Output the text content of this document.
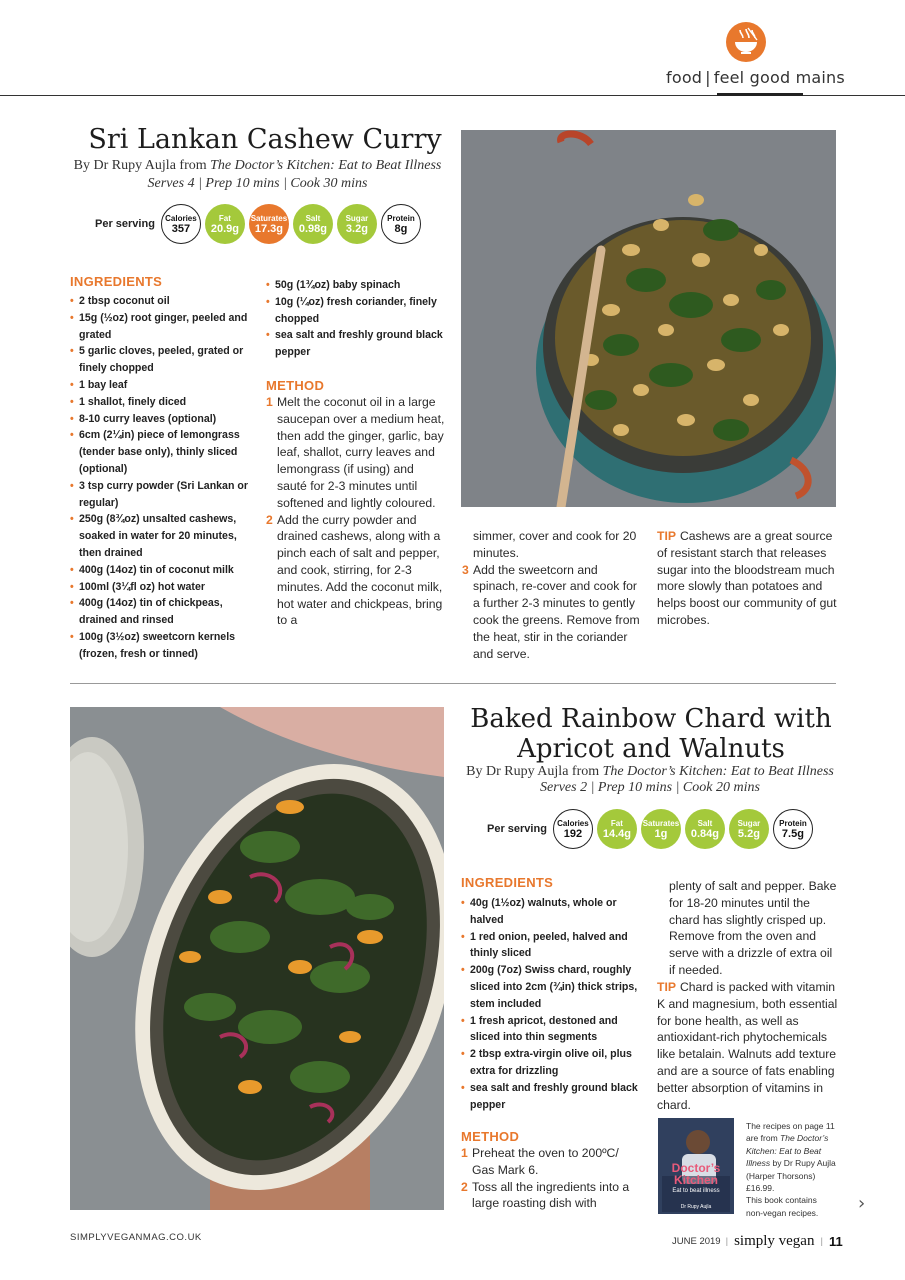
food | feel good mains
Sri Lankan Cashew Curry
By Dr Rupy Aujla from The Doctor’s Kitchen: Eat to Beat Illness
Serves 4 | Prep 10 mins | Cook 30 mins
Per serving Calories
357
Fat
20.9g
Saturates
17.3g
Salt
0.98g
Sugar
3.2g
Protein
8g
INGREDIENTS
• 2 tbsp coconut oil
• 15g (½oz) root ginger, peeled and grated
• 5 garlic cloves, peeled, grated or finely chopped
• 1 bay leaf
• 1 shallot, finely diced
• 8-10 curry leaves (optional)
• 6cm (2¼in) piece of lemongrass (tender base only), thinly sliced (optional)
• 3 tsp curry powder (Sri Lankan or regular)
• 250g (8¾oz) unsalted cashews, soaked in water for 20 minutes, then drained
• 400g (14oz) tin of coconut milk
• 100ml (3¼fl oz) hot water
• 400g (14oz) tin of chickpeas, drained and rinsed
• 100g (3½oz) sweetcorn kernels (frozen, fresh or tinned)
• 50g (1¾oz) baby spinach
• 10g (¼oz) fresh coriander, finely chopped
• sea salt and freshly ground black pepper
METHOD
1 Melt the coconut oil in a large saucepan over a medium heat, then add the ginger, garlic, bay leaf, shallot, curry leaves and lemongrass (if using) and sauté for 2-3 minutes until softened and lightly coloured.
2 Add the curry powder and drained cashews, along with a pinch each of salt and pepper, and cook, stirring, for 2-3 minutes. Add the coconut milk, hot water and chickpeas, bring to a
simmer, cover and cook for 20 minutes.
3 Add the sweetcorn and spinach, re-cover and cook for a further 2-3 minutes to gently cook the greens. Remove from the heat, stir in the coriander and serve.
TIP Cashews are a great source of resistant starch that releases sugar into the bloodstream much more slowly than potatoes and helps boost our community of gut microbes.
Baked Rainbow Chard with
Apricot and Walnuts
By Dr Rupy Aujla from The Doctor’s Kitchen: Eat to Beat Illness
Serves 2 | Prep 10 mins | Cook 20 mins
Per serving Calories
192
Fat
14.4g
Saturates
1g
Salt
0.84g
Sugar
5.2g
Protein
7.5g
INGREDIENTS
• 40g (1½oz) walnuts, whole or halved
• 1 red onion, peeled, halved and thinly sliced
• 200g (7oz) Swiss chard, roughly sliced into 2cm (¾in) thick strips, stem included
• 1 fresh apricot, destoned and sliced into thin segments
• 2 tbsp extra-virgin olive oil, plus extra for drizzling
• sea salt and freshly ground black pepper
METHOD
1 Preheat the oven to 200ºC/ Gas Mark 6.
2 Toss all the ingredients into a large roasting dish with
plenty of salt and pepper. Bake for 18-20 minutes until the chard has slightly crisped up. Remove from the oven and serve with a drizzle of extra oil if needed.
TIP Chard is packed with vitamin K and magnesium, both essential for bone health, as well as antioxidant-rich phytochemicals like betalain. Walnuts add texture and are a source of fats enabling better absorption of vitamins in chard.
Doctor’s
Kitchen
Eat to beat illness
Dr Rupy Aujla
The recipes on page 11 are from The Doctor’s Kitchen: Eat to Beat Illness by Dr Rupy Aujla (Harper Thorsons) £16.99.
This book contains non-vegan recipes.	›
SIMPLYVEGANMAG.CO.UK	JUNE 2019 | simply vegan | 11
